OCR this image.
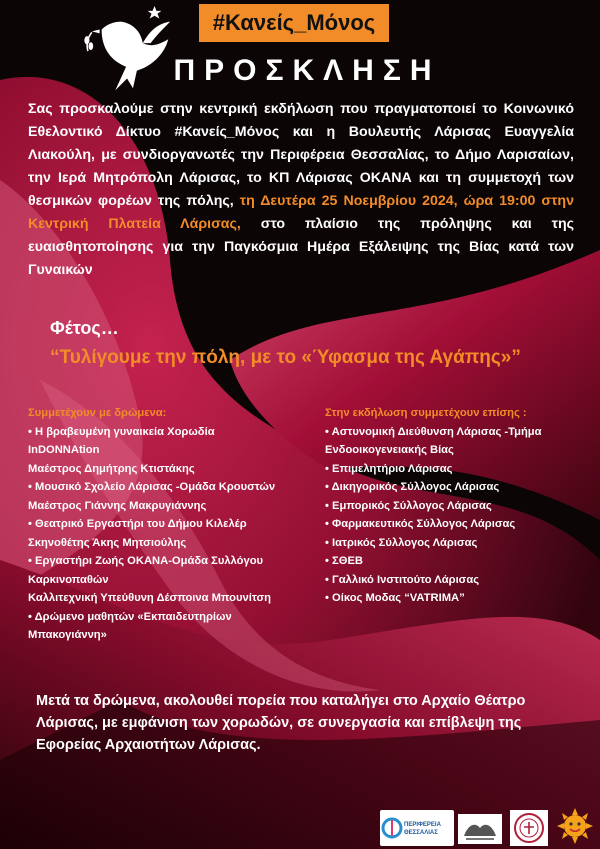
#Κανείς_Μόνος
ΠΡΟΣΚΛΗΣΗ
Σας προσκαλούμε στην κεντρική εκδήλωση που πραγματοποιεί το Κοινωνικό Εθελοντικό Δίκτυο #Κανείς_Μόνος και η Βουλευτής Λάρισας Ευαγγελία Λιακούλη, με συνδιοργανωτές την Περιφέρεια Θεσσαλίας, το Δήμο Λαρισαίων, την Ιερά Μητρόπολη Λάρισας, το ΚΠ Λάρισας ΟΚΑΝΑ και τη συμμετοχή των θεσμικών φορέων της πόλης, τη Δευτέρα 25 Νοεμβρίου 2024, ώρα 19:00 στην Κεντρική Πλατεία Λάρισας, στο πλαίσιο της πρόληψης και της ευαισθητοποίησης για την Παγκόσμια Ημέρα Εξάλειψης της Βίας κατά των Γυναικών
Φέτος…
“Τυλίγουμε την πόλη, με το «Ύφασμα της Αγάπης»”
Συμμετέχουν με δρώμενα:
• Η βραβευμένη γυναικεία Χορωδία
InDONNAtion
Μαέστρος Δημήτρης Κτιστάκης
• Μουσικό Σχολείο Λάρισας -Ομάδα Κρουστών
Μαέστρος Γιάννης Μακρυγιάννης
• Θεατρικό Εργαστήρι του Δήμου Κιλελέρ
Σκηνοθέτης Άκης Μητσιούλης
• Εργαστήρι Ζωής ΟΚΑΝΑ-Ομάδα Συλλόγου
Καρκινοπαθών
Καλλιτεχνική Υπεύθυνη Δέσποινα Μπουνίτση
• Δρώμενο μαθητών «Εκπαιδευτηρίων
Μπακογιάννη»
Στην εκδήλωση συμμετέχουν επίσης :
• Αστυνομική Διεύθυνση Λάρισας -Τμήμα
Ενδοοικογενειακής Βίας
• Επιμελητήριο Λάρισας
• Δικηγορικός Σύλλογος Λάρισας
• Εμπορικός Σύλλογος Λάρισας
• Φαρμακευτικός Σύλλογος Λάρισας
• Ιατρικός Σύλλογος Λάρισας
• ΣΘΕΒ
• Γαλλικό Ινστιτούτο Λάρισας
• Οίκος Μοδας “VATRIMA”
Μετά τα δρώμενα, ακολουθεί πορεία που καταλήγει στο Αρχαίο Θέατρο Λάρισας, με εμφάνιση των χορωδών, σε συνεργασία και επίβλεψη της Εφορείας Αρχαιοτήτων Λάρισας.
ΠΕΡΙΦΕΡΕΙΑ
ΘΕΣΣΑΛΙΑΣ
